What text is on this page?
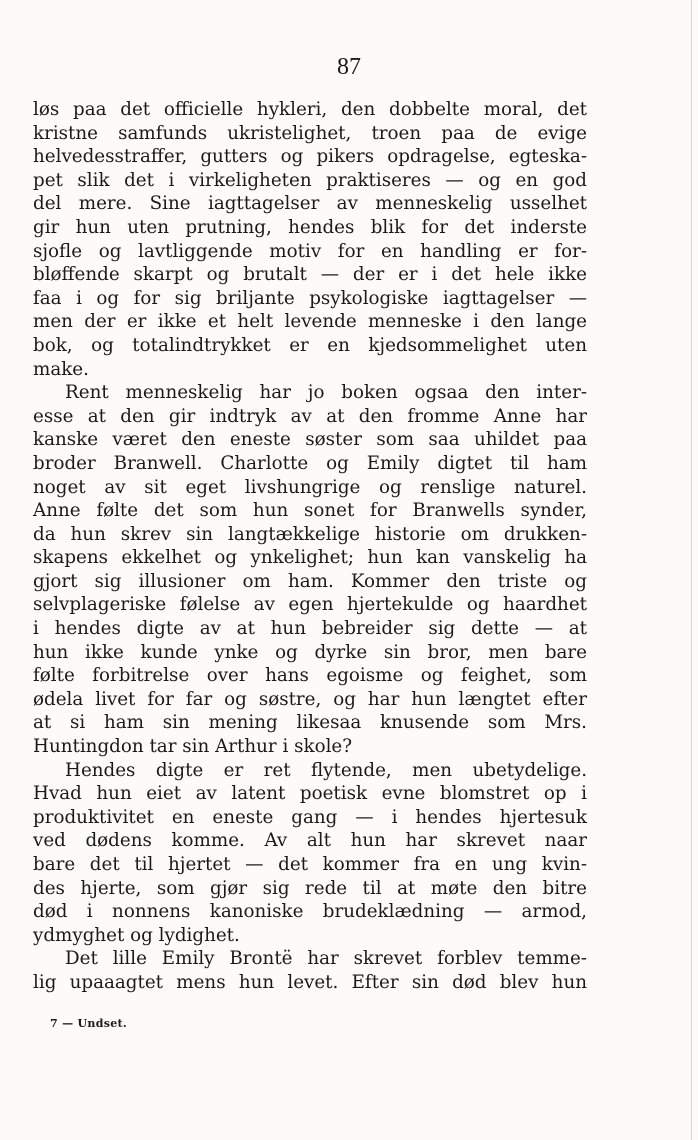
87
løs paa det officielle hykleri, den dobbelte moral, det
kristne samfunds ukristelighet, troen paa de evige
helvedesstraffer, gutters og pikers opdragelse, egteska-
pet slik det i virkeligheten praktiseres — og en god
del mere. Sine iagttagelser av menneskelig usselhet
gir hun uten prutning, hendes blik for det inderste
sjofle og lavtliggende motiv for en handling er for-
bløffende skarpt og brutalt — der er i det hele ikke
faa i og for sig briljante psykologiske iagttagelser —
men der er ikke et helt levende menneske i den lange
bok, og totalindtrykket er en kjedsommelighet uten
make.
Rent menneskelig har jo boken ogsaa den inter-
esse at den gir indtryk av at den fromme Anne har
kanske været den eneste søster som saa uhildet paa
broder Branwell. Charlotte og Emily digtet til ham
noget av sit eget livshungrige og renslige naturel.
Anne følte det som hun sonet for Branwells synder,
da hun skrev sin langtækkelige historie om drukken-
skapens ekkelhet og ynkelighet; hun kan vanskelig ha
gjort sig illusioner om ham. Kommer den triste og
selvplageriske følelse av egen hjertekulde og haardhet
i hendes digte av at hun bebreider sig dette — at
hun ikke kunde ynke og dyrke sin bror, men bare
følte forbitrelse over hans egoisme og feighet, som
ødela livet for far og søstre, og har hun længtet efter
at si ham sin mening likesaa knusende som Mrs.
Huntingdon tar sin Arthur i skole?
Hendes digte er ret flytende, men ubetydelige.
Hvad hun eiet av latent poetisk evne blomstret op i
produktivitet en eneste gang — i hendes hjertesuk
ved dødens komme. Av alt hun har skrevet naar
bare det til hjertet — det kommer fra en ung kvin-
des hjerte, som gjør sig rede til at møte den bitre
død i nonnens kanoniske brudeklædning — armod,
ydmyghet og lydighet.
Det lille Emily Brontë har skrevet forblev temme-
lig upaaagtet mens hun levet. Efter sin død blev hun
7 — Undset.
